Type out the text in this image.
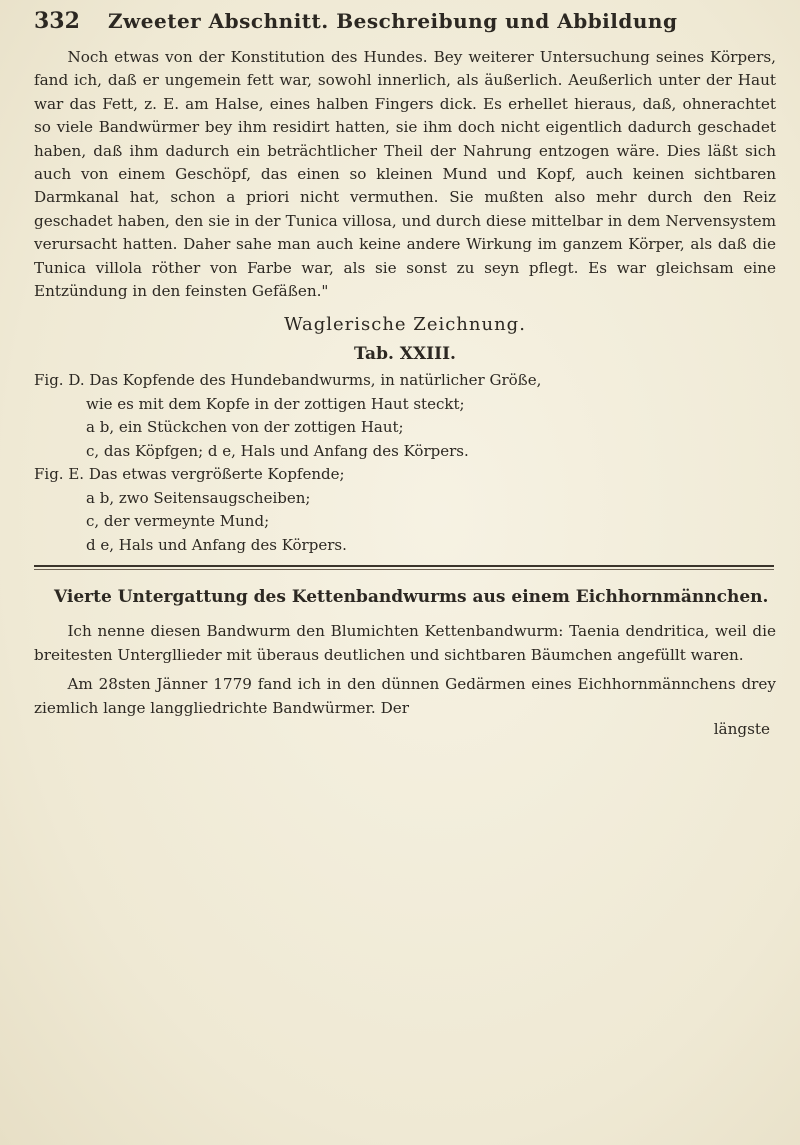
332	Zweeter Abschnitt. Beschreibung und Abbildung

Noch etwas von der Konstitution des Hundes. Bey weiterer Untersuchung seines Körpers, fand ich, daß er ungemein fett war, sowohl innerlich, als äußerlich. Aeußerlich unter der Haut war das Fett, z. E. am Halse, eines halben Fingers dick. Es erhellet hieraus, daß, ohnerachtet so viele Bandwürmer bey ihm residirt hatten, sie ihm doch nicht eigentlich dadurch geschadet haben, daß ihm dadurch ein beträchtlicher Theil der Nahrung entzogen wäre. Dies läßt sich auch von einem Geschöpf, das einen so kleinen Mund und Kopf, auch keinen sichtbaren Darmkanal hat, schon a priori nicht vermuthen. Sie mußten also mehr durch den Reiz geschadet haben, den sie in der Tunica villosa, und durch diese mittelbar in dem Nervensystem verursacht hatten. Daher sahe man auch keine andere Wirkung im ganzem Körper, als daß die Tunica villola röther von Farbe war, als sie sonst zu seyn pflegt. Es war gleichsam eine Entzündung in den feinsten Gefäßen."

Waglerische Zeichnung.
Tab. XXIII.
Fig. D. Das Kopfende des Hundebandwurms, in natürlicher Größe,
wie es mit dem Kopfe in der zottigen Haut steckt;
a b, ein Stückchen von der zottigen Haut;
c, das Köpfgen; d e, Hals und Anfang des Körpers.
Fig. E. Das etwas vergrößerte Kopfende;
a b, zwo Seitensaugscheiben;
c, der vermeynte Mund;
d e, Hals und Anfang des Körpers.
Vierte Untergattung des Kettenbandwurms aus einem Eichhornmännchen.

Ich nenne diesen Bandwurm den Blumichten Kettenbandwurm: Taenia dendritica, weil die breitesten Untergllieder mit überaus deutlichen und sichtbaren Bäumchen angefüllt waren.

Am 28sten Jänner 1779 fand ich in den dünnen Gedärmen eines Eichhornmännchens drey ziemlich lange langgliedrichte Bandwürmer. Der

längste
